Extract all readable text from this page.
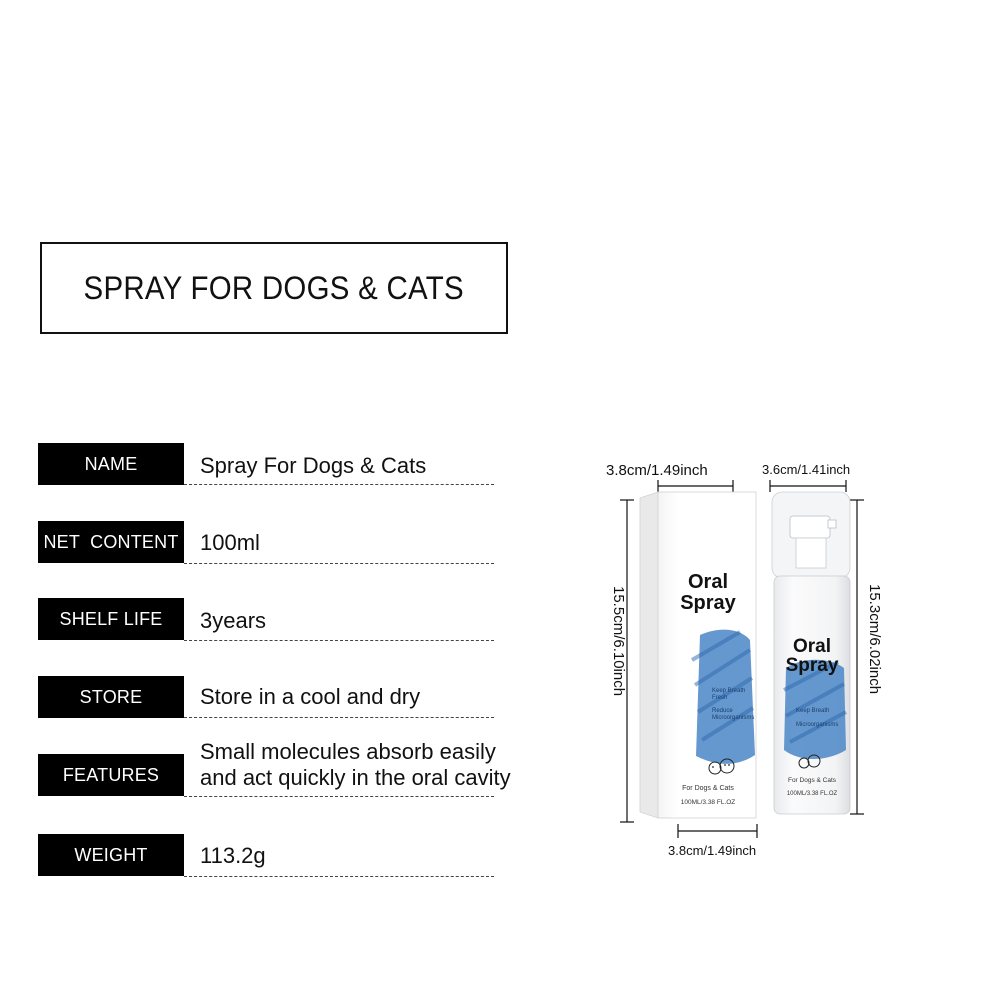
SPRAY FOR DOGS & CATS
NAME	Spray For Dogs & Cats
NET  CONTENT 100ml
SHELF LIFE	3years
STORE	Store in a cool and dry
FEATURES
Small molecules absorb easily
and act quickly in the oral cavity
WEIGHT	113.2g
3.8cm/1.49inch	3.6cm/1.41inch
15.5cm/6.10inch	15.3cm/6.02inch
3.8cm/1.49inch
Oral
Spray
Keep Breath
Fresh
Reduce
Microorganisms
For Dogs & Cats
100ML/3.38 FL.OZ
Oral
Spray
Keep Breath
Microorganisms
For Dogs & Cats
100ML/3.38 FL.OZ
